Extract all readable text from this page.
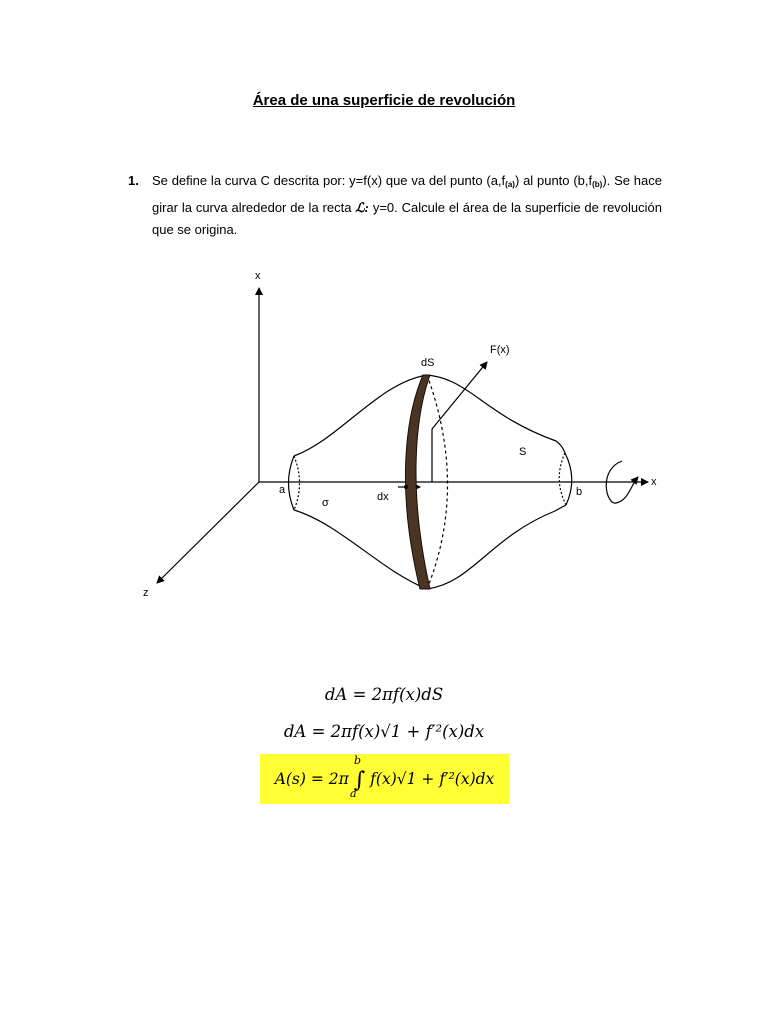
Área de una superficie de revolución
1. Se define la curva C descrita por: y=f(x) que va del punto $(a,f_{(a)})$ al punto $(b,f_{(b)})$. Se hace girar la curva alrededor de la recta ℒ: y=0. Calcule el área de la superficie de revolución que se origina.
x
x
z
F(x)
dS
S
a	b
σ	dx
dA = 2πf(x)dS
dA = 2πf(x)√1 + f′²(x)dx
A(s) = 2π ∫
b
a
f(x)√1 + f′²(x)dx
